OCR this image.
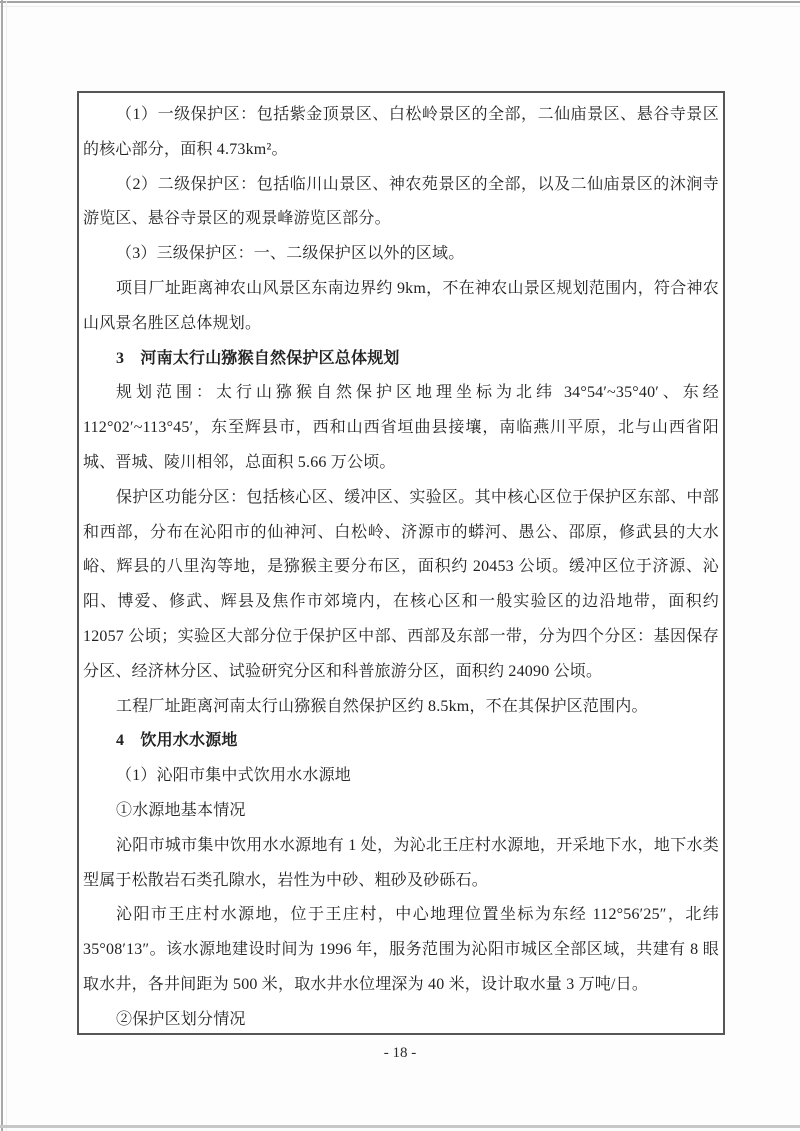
（1）一级保护区：包括紫金顶景区、白松岭景区的全部，二仙庙景区、悬谷寺景区的核心部分，面积 4.73km²。

（2）二级保护区：包括临川山景区、神农苑景区的全部，以及二仙庙景区的沐涧寺游览区、悬谷寺景区的观景峰游览区部分。

（3）三级保护区：一、二级保护区以外的区域。

项目厂址距离神农山风景区东南边界约 9km，不在神农山景区规划范围内，符合神农山风景名胜区总体规划。

3　河南太行山猕猴自然保护区总体规划

规划范围：太行山猕猴自然保护区地理坐标为北纬 34°54′~35°40′、东经 112°02′~113°45′，东至辉县市，西和山西省垣曲县接壤，南临燕川平原，北与山西省阳城、晋城、陵川相邻，总面积 5.66 万公顷。

保护区功能分区：包括核心区、缓冲区、实验区。其中核心区位于保护区东部、中部和西部，分布在沁阳市的仙神河、白松岭、济源市的蟒河、愚公、邵原，修武县的大水峪、辉县的八里沟等地，是猕猴主要分布区，面积约 20453 公顷。缓冲区位于济源、沁阳、博爱、修武、辉县及焦作市郊境内，在核心区和一般实验区的边沿地带，面积约 12057 公顷；实验区大部分位于保护区中部、西部及东部一带，分为四个分区：基因保存分区、经济林分区、试验研究分区和科普旅游分区，面积约 24090 公顷。

工程厂址距离河南太行山猕猴自然保护区约 8.5km，不在其保护区范围内。

4　饮用水水源地

（1）沁阳市集中式饮用水水源地

①水源地基本情况

沁阳市城市集中饮用水水源地有 1 处，为沁北王庄村水源地，开采地下水，地下水类型属于松散岩石类孔隙水，岩性为中砂、粗砂及砂砾石。

沁阳市王庄村水源地，位于王庄村，中心地理位置坐标为东经 112°56′25″，北纬 35°08′13″。该水源地建设时间为 1996 年，服务范围为沁阳市城区全部区域，共建有 8 眼取水井，各井间距为 500 米，取水井水位埋深为 40 米，设计取水量 3 万吨/日。

②保护区划分情况

- 18 -
